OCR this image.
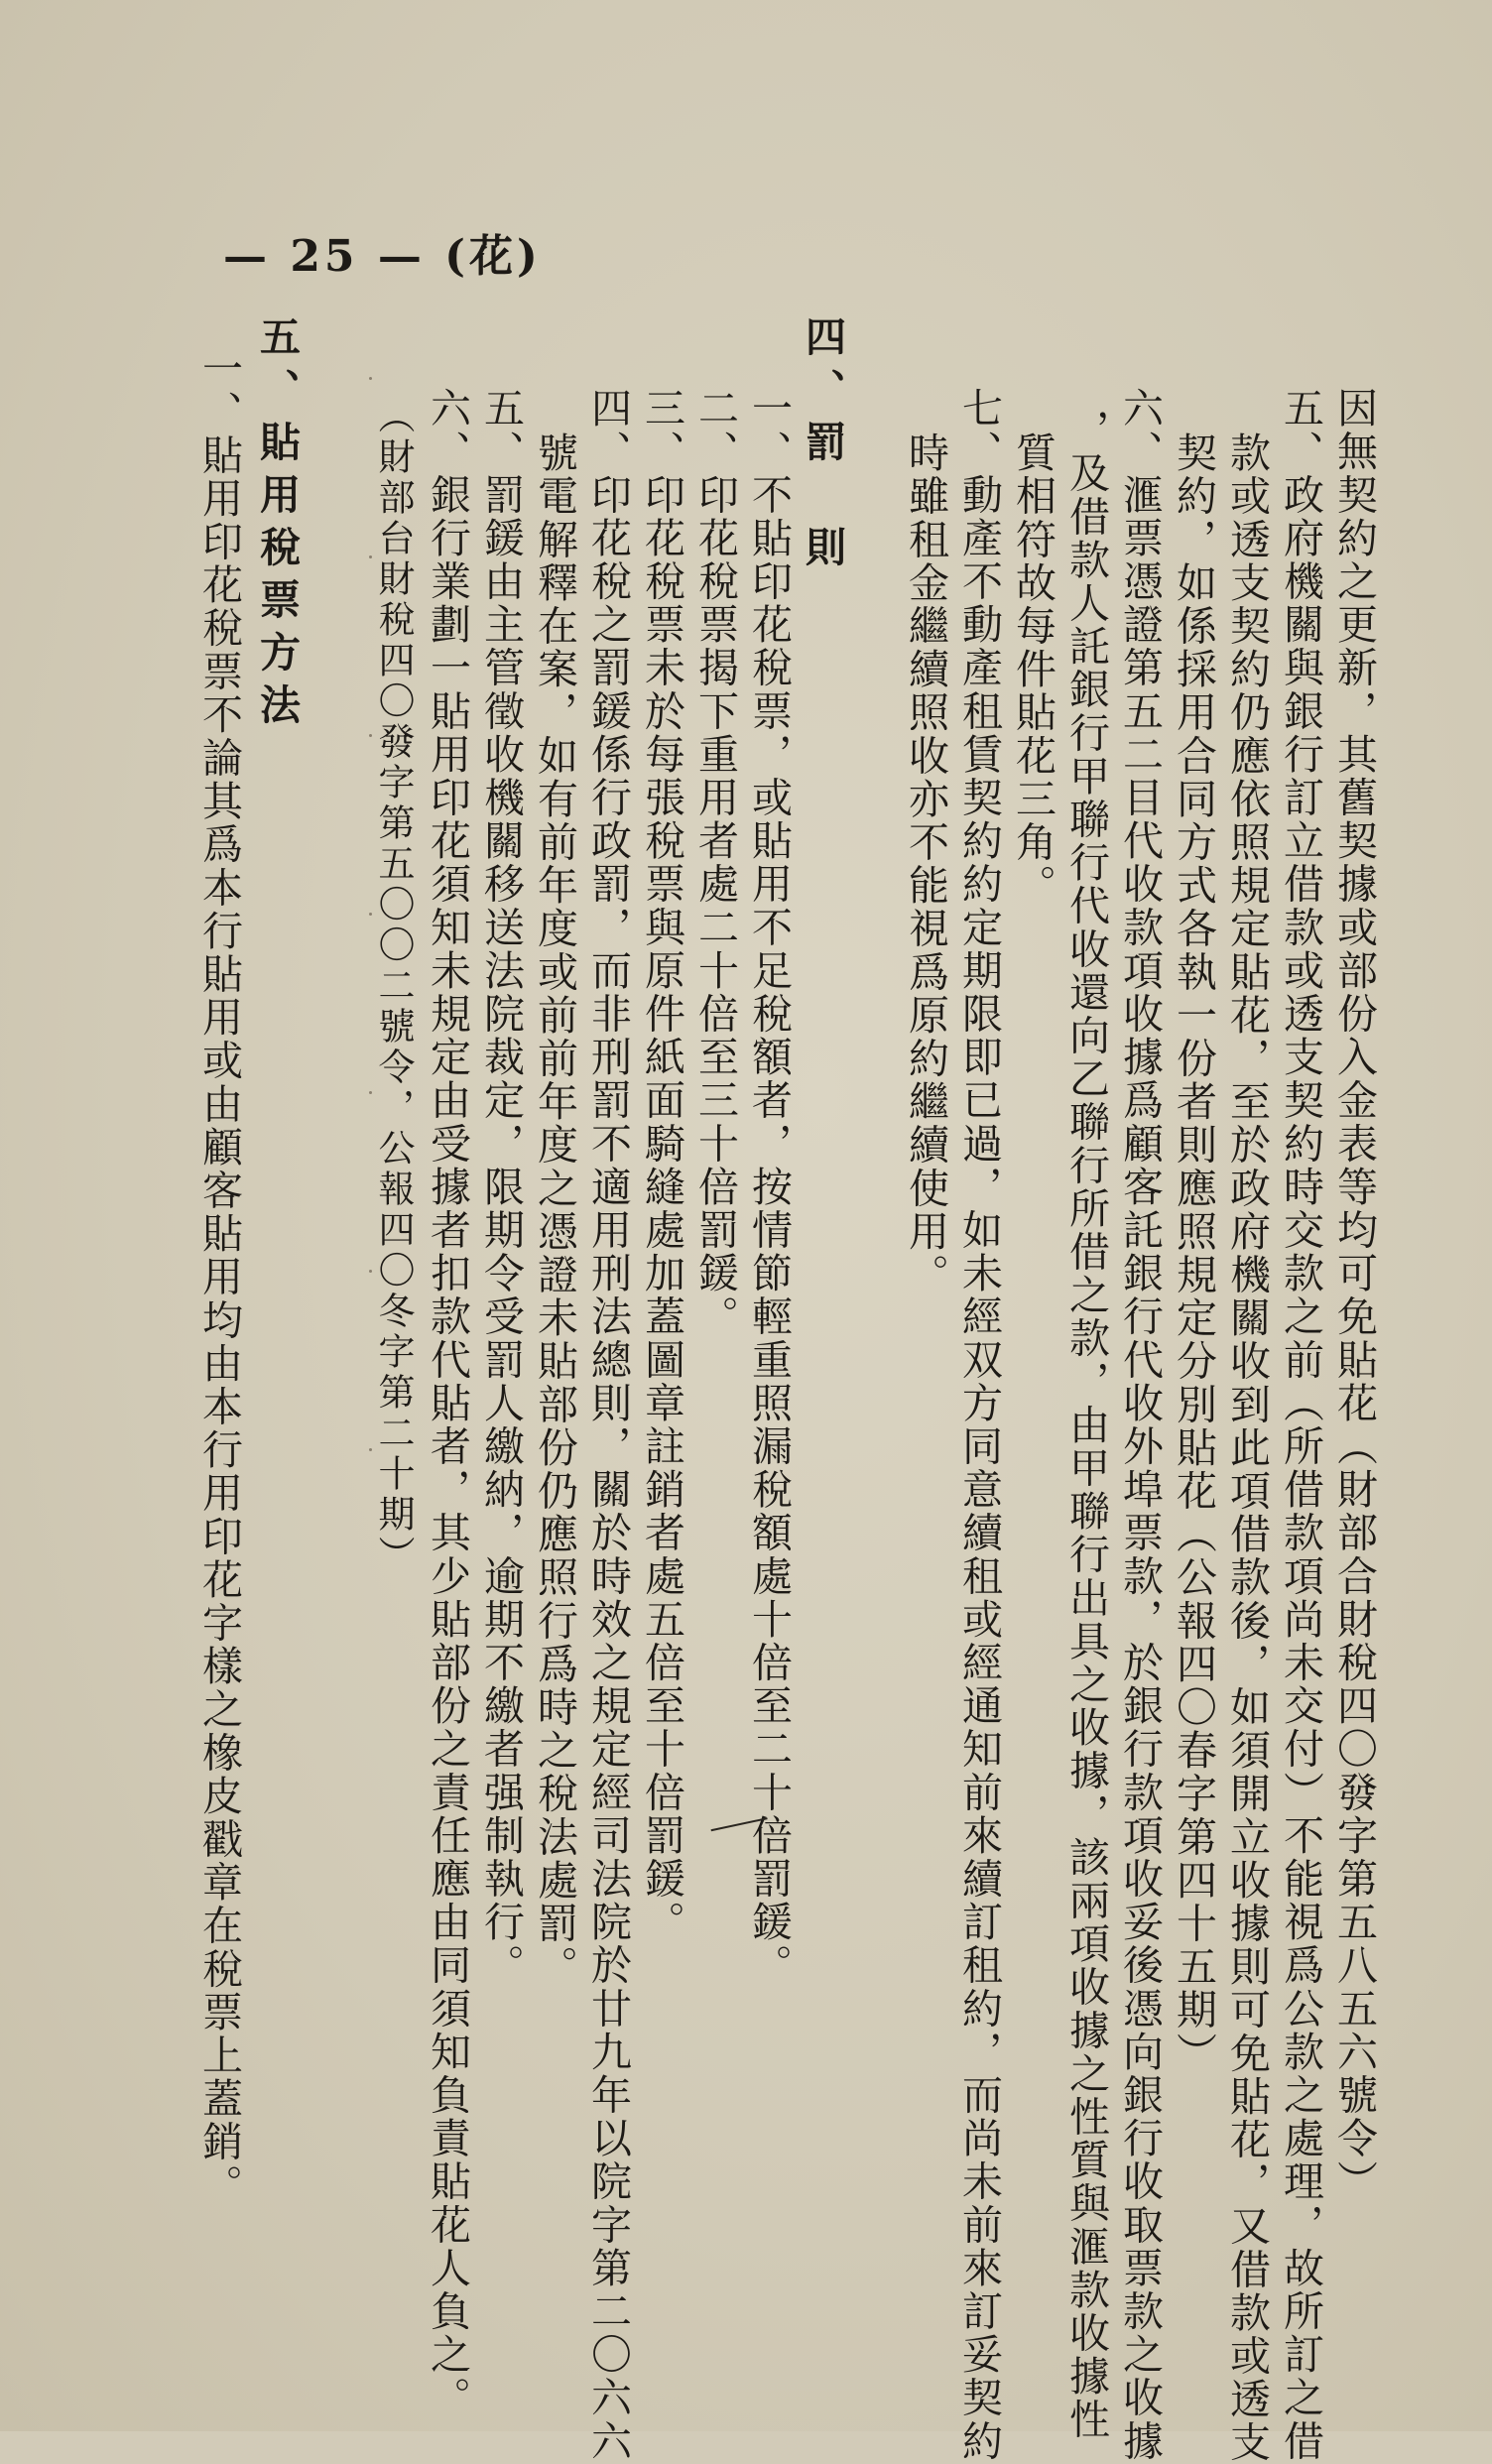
— 25 — (花)
因無契約之更新，其舊契據或部份入金表等均可免貼花（財部合財稅四〇發字第五八五六號令）
五、政府機關與銀行訂立借款或透支契約時交款之前（所借款項尚未交付）不能視爲公款之處理，故所訂之借
款或透支契約仍應依照規定貼花，至於政府機關收到此項借款後，如須開立收據則可免貼花，又借款或透支
契約，如係採用合同方式各執一份者則應照規定分別貼花（公報四〇春字第四十五期）
六、滙票憑證第五二目代收款項收據爲顧客託銀行代收外埠票款，於銀行款項收妥後憑向銀行收取票款之收據
，及借款人託銀行甲聯行代收還向乙聯行所借之款，由甲聯行出具之收據，該兩項收據之性質與滙款收據性
質相符故每件貼花三角。
七、動產不動產租賃契約約定期限即已過，如未經双方同意續租或經通知前來續訂租約，而尚未前來訂妥契約
時雖租金繼續照收亦不能視爲原約繼續使用。
四、罰　則
一、不貼印花稅票，或貼用不足稅額者，按情節輕重照漏稅額處十倍至二十倍罰鍰。
二、印花稅票揭下重用者處二十倍至三十倍罰鍰。
三、印花稅票未於每張稅票與原件紙面騎縫處加蓋圖章註銷者處五倍至十倍罰鍰。
四、印花稅之罰鍰係行政罰，而非刑罰不適用刑法總則，關於時效之規定經司法院於廿九年以院字第二〇六六
號電解釋在案，如有前年度或前前年度之憑證未貼部份仍應照行爲時之稅法處罰。
五、罰鍰由主管徵收機關移送法院裁定，限期令受罰人繳納，逾期不繳者强制執行。
六、銀行業劃一貼用印花須知未規定由受據者扣款代貼者，其少貼部份之責任應由同須知負責貼花人負之。
（財部台財稅四〇發字第五〇〇二號令，公報四〇冬字第二十期）
五、貼用稅票方法
一、貼用印花稅票不論其爲本行貼用或由顧客貼用均由本行用印花字樣之橡皮戳章在稅票上蓋銷。
